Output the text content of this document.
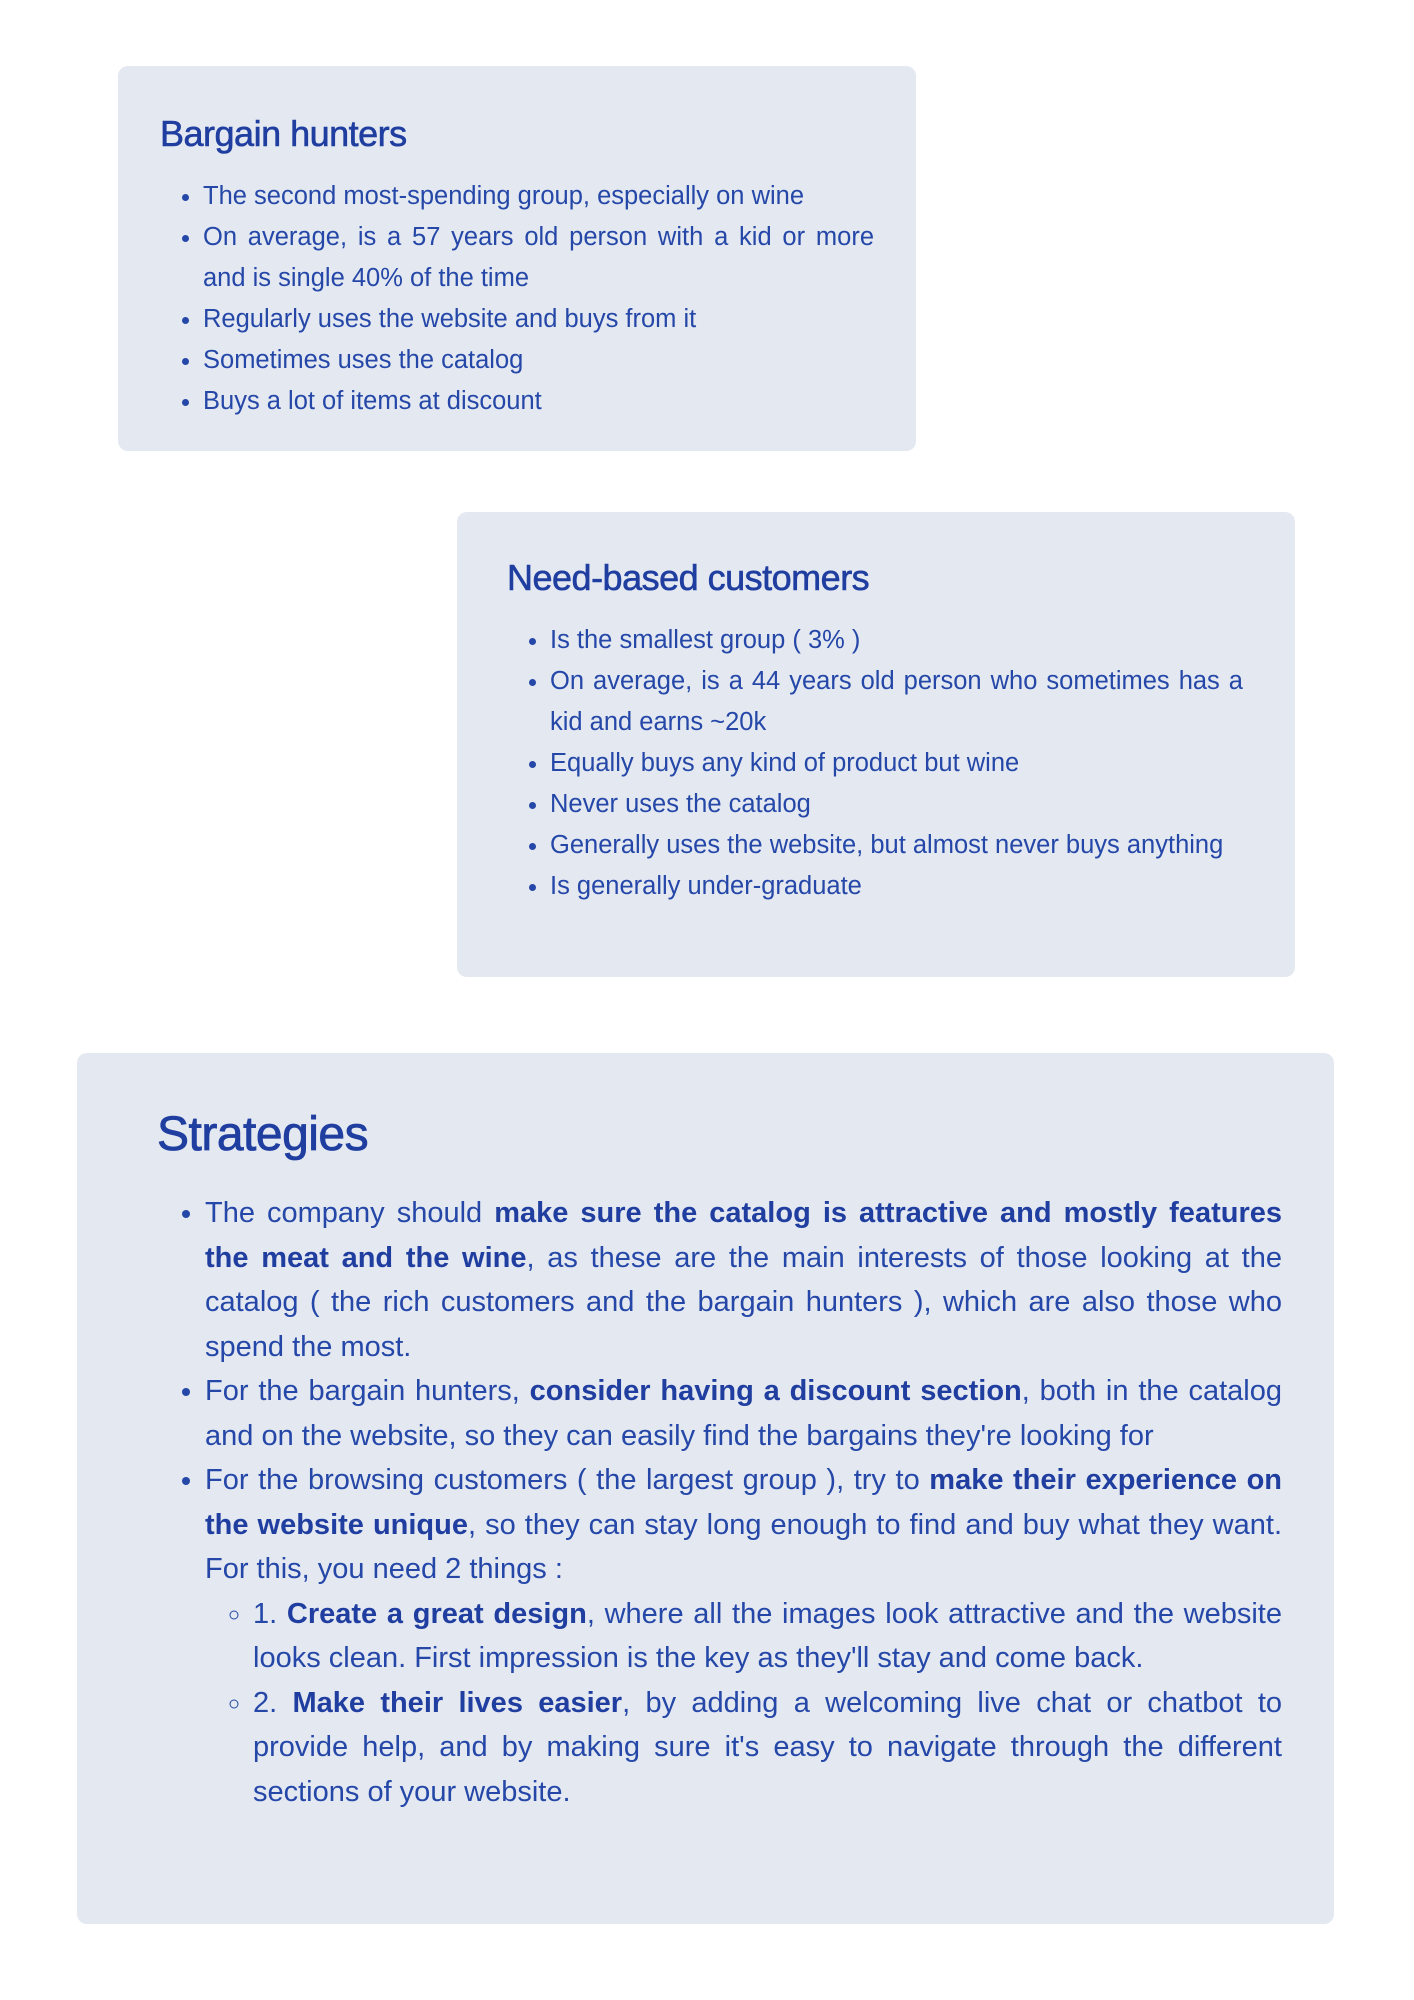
Bargain hunters
• The second most-spending group, especially on wine
• On average, is a 57 years old person with a kid or more and is single 40% of the time
• Regularly uses the website and buys from it
• Sometimes uses the catalog
• Buys a lot of items at discount
Need-based customers
• Is the smallest group ( 3% )
• On average, is a 44 years old person who sometimes has a kid and earns ~20k
• Equally buys any kind of product but wine
• Never uses the catalog
• Generally uses the website, but almost never buys anything
• Is generally under-graduate
Strategies
• The company should make sure the catalog is attractive and mostly features the meat and the wine, as these are the main interests of those looking at the catalog ( the rich customers and the bargain hunters ), which are also those who spend the most.
• For the bargain hunters, consider having a discount section, both in the catalog and on the website, so they can easily find the bargains they're looking for
• For the browsing customers ( the largest group ), try to make their experience on the website unique, so they can stay long enough to find and buy what they want. For this, you need 2 things :
◦ 1. Create a great design, where all the images look attractive and the website looks clean. First impression is the key as they'll stay and come back.
◦ 2. Make their lives easier, by adding a welcoming live chat or chatbot to provide help, and by making sure it's easy to navigate through the different sections of your website.
